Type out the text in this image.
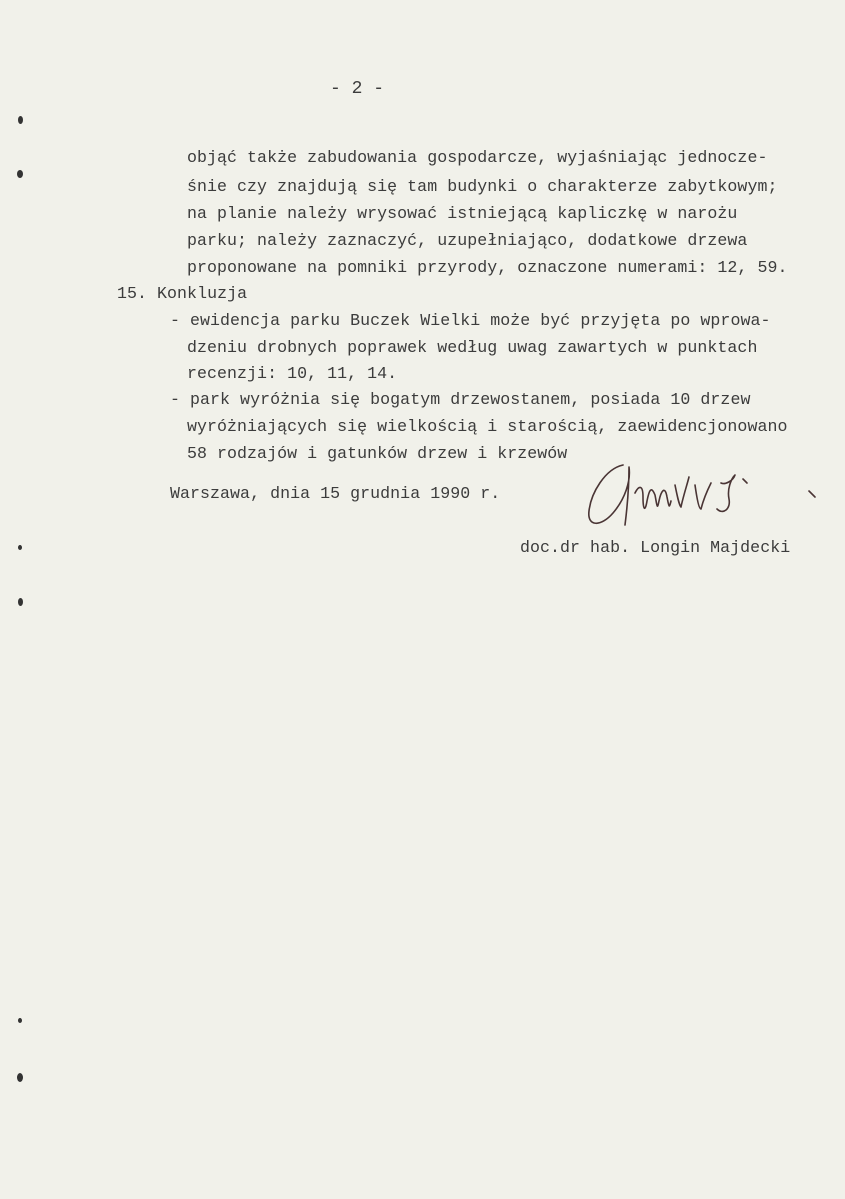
- 2 -
objąć także zabudowania gospodarcze, wyjaśniając jednocze-
śnie czy znajdują się tam budynki o charakterze zabytkowym;
na planie należy wrysować istniejącą kapliczkę w narożu
parku; należy zaznaczyć, uzupełniająco, dodatkowe drzewa
proponowane na pomniki przyrody, oznaczone numerami: 12, 59.
15. Konkluzja
- ewidencja parku Buczek Wielki może być przyjęta po wprowa-
dzeniu drobnych poprawek według uwag zawartych w punktach
recenzji: 10, 11, 14.
- park wyróżnia się bogatym drzewostanem, posiada 10 drzew
wyróżniających się wielkością i starością, zaewidencjonowano
58 rodzajów i gatunków drzew i krzewów
Warszawa, dnia 15 grudnia 1990 r.
doc.dr hab. Longin Majdecki
